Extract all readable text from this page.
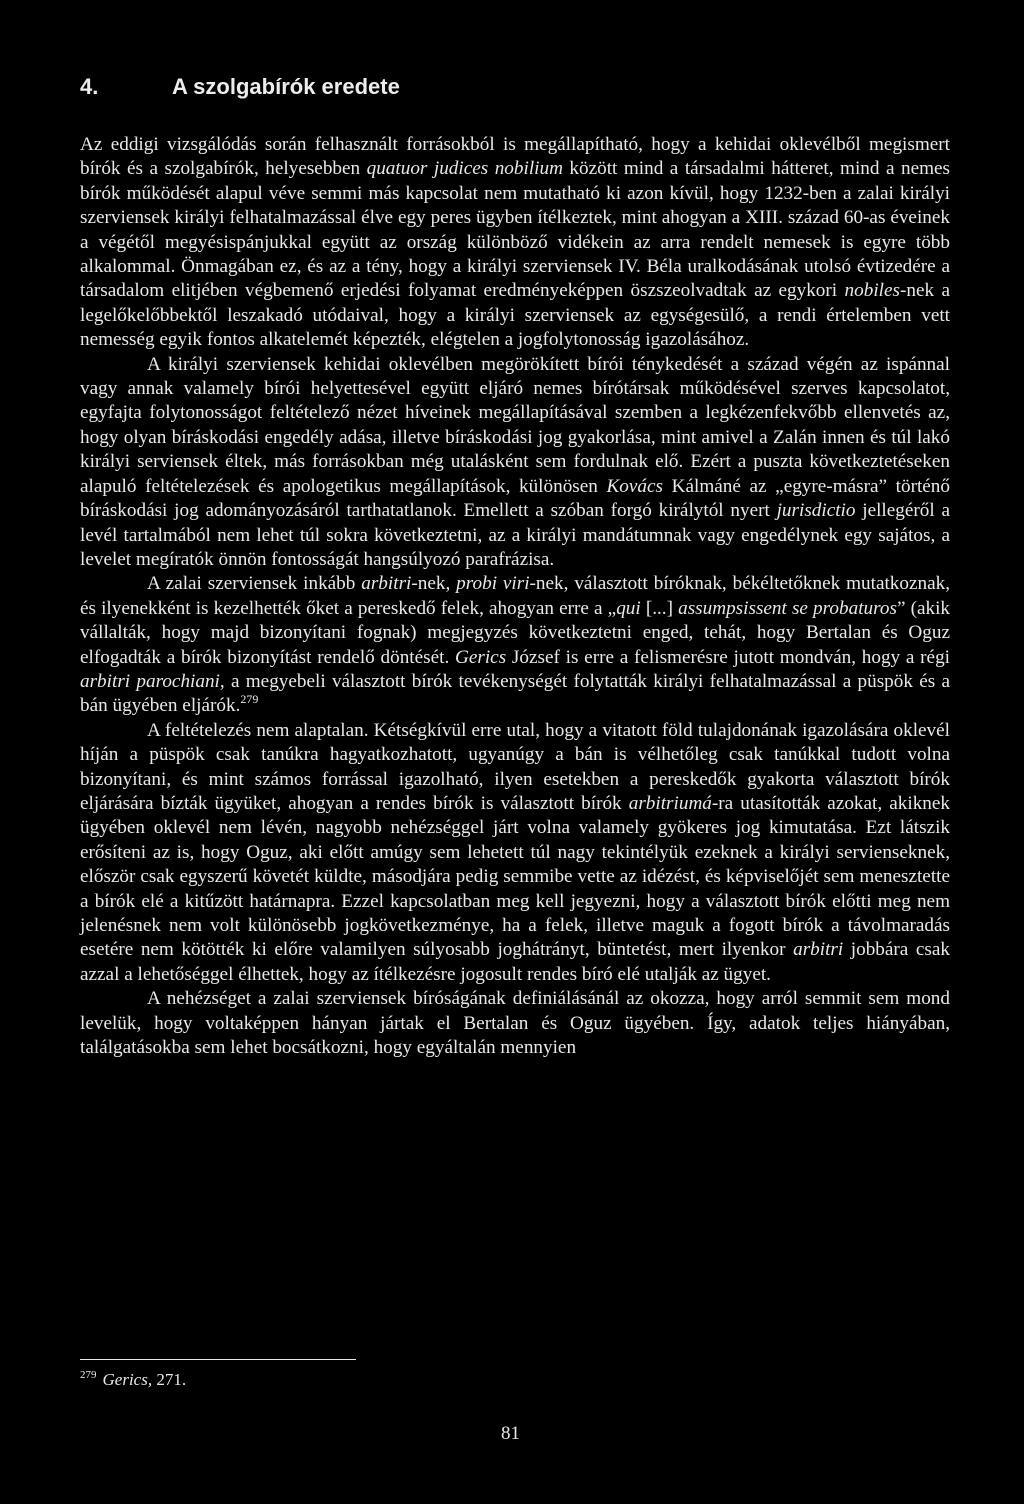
4.	A szolgabírók eredete

Az eddigi vizsgálódás során felhasznált forrásokból is megállapítható, hogy a kehidai oklevélből megismert bírók és a szolgabírók, helyesebben quatuor judices nobilium között mind a társadalmi hátteret, mind a nemes bírók működését alapul véve semmi más kapcsolat nem mutatható ki azon kívül, hogy 1232-ben a zalai királyi szerviensek királyi felhatalmazással élve egy peres ügyben ítélkeztek, mint ahogyan a XIII. század 60-as éveinek a végétől megyésispánjukkal együtt az ország különböző vidékein az arra rendelt nemesek is egyre több alkalommal. Önmagában ez, és az a tény, hogy a királyi szerviensek IV. Béla uralkodásának utolsó évtizedére a társadalom elitjében végbemenő erjedési folyamat eredményeképpen öszszeolvadtak az egykori nobiles-nek a legelőkelőbbektől leszakadó utódaival, hogy a királyi szerviensek az egységesülő, a rendi értelemben vett nemesség egyik fontos alkatelemét képezték, elégtelen a jogfolytonosság igazolásához.

A királyi szerviensek kehidai oklevélben megörökített bírói ténykedését a század végén az ispánnal vagy annak valamely bírói helyettesével együtt eljáró nemes bírótársak működésével szerves kapcsolatot, egyfajta folytonosságot feltételező nézet híveinek megállapításával szemben a legkézenfekvőbb ellenvetés az, hogy olyan bíráskodási engedély adása, illetve bíráskodási jog gyakorlása, mint amivel a Zalán innen és túl lakó királyi serviensek éltek, más forrásokban még utalásként sem fordulnak elő. Ezért a puszta következtetéseken alapuló feltételezések és apologetikus megállapítások, különösen Kovács Kálmáné az „egyre-másra” történő bíráskodási jog adományozásáról tarthatatlanok. Emellett a szóban forgó királytól nyert jurisdictio jellegéről a levél tartalmából nem lehet túl sokra következtetni, az a királyi mandátumnak vagy engedélynek egy sajátos, a levelet megíratók önnön fontosságát hangsúlyozó parafrázisa.

A zalai szerviensek inkább arbitri-nek, probi viri-nek, választott bíróknak, békéltetőknek mutatkoznak, és ilyenekként is kezelhették őket a pereskedő felek, ahogyan erre a „qui [...] assumpsissent se probaturos” (akik vállalták, hogy majd bizonyítani fognak) megjegyzés következtetni enged, tehát, hogy Bertalan és Oguz elfogadták a bírók bizonyítást rendelő döntését. Gerics József is erre a felismerésre jutott mondván, hogy a régi arbitri parochiani, a megyebeli választott bírók tevékenységét folytatták királyi felhatalmazással a püspök és a bán ügyében eljárók.$^{279}$

A feltételezés nem alaptalan. Kétségkívül erre utal, hogy a vitatott föld tulajdonának igazolására oklevél híján a püspök csak tanúkra hagyatkozhatott, ugyanúgy a bán is vélhetőleg csak tanúkkal tudott volna bizonyítani, és mint számos forrással igazolható, ilyen esetekben a pereskedők gyakorta választott bírók eljárására bízták ügyüket, ahogyan a rendes bírók is választott bírók arbitriumá-ra utasították azokat, akiknek ügyében oklevél nem lévén, nagyobb nehézséggel járt volna valamely gyökeres jog kimutatása. Ezt látszik erősíteni az is, hogy Oguz, aki előtt amúgy sem lehetett túl nagy tekintélyük ezeknek a királyi servienseknek, először csak egyszerű követét küldte, másodjára pedig semmibe vette az idézést, és képviselőjét sem menesztette a bírók elé a kitűzött határnapra. Ezzel kapcsolatban meg kell jegyezni, hogy a választott bírók előtti meg nem jelenésnek nem volt különösebb jogkövetkezménye, ha a felek, illetve maguk a fogott bírók a távolmaradás esetére nem kötötték ki előre valamilyen súlyosabb joghátrányt, büntetést, mert ilyenkor arbitri jobbára csak azzal a lehetőséggel élhettek, hogy az ítélkezésre jogosult rendes bíró elé utalják az ügyet.

A nehézséget a zalai szerviensek bíróságának definiálásánál az okozza, hogy arról semmit sem mond levelük, hogy voltaképpen hányan jártak el Bertalan és Oguz ügyében. Így, adatok teljes hiányában, találgatásokba sem lehet bocsátkozni, hogy egyáltalán mennyien

$^{279}$ Gerics, 271.
81
